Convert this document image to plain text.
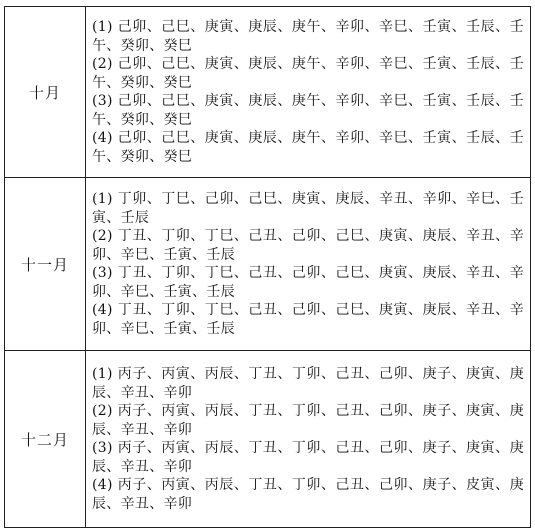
十月	(1) 己卯、己巳、庚寅、庚辰、庚午、辛卯、辛巳、壬寅、壬辰、壬午、癸卯、癸巳
(2) 己卯、己巳、庚寅、庚辰、庚午、辛卯、辛巳、壬寅、壬辰、壬午、癸卯、癸巳
(3) 己卯、己巳、庚寅、庚辰、庚午、辛卯、辛巳、壬寅、壬辰、壬午、癸卯、癸巳
(4) 己卯、己巳、庚寅、庚辰、庚午、辛卯、辛巳、壬寅、壬辰、壬午、癸卯、癸巳

十一月	(1) 丁卯、丁巳、己卯、己巳、庚寅、庚辰、辛丑、辛卯、辛巳、壬寅、壬辰
(2) 丁丑、丁卯、丁巳、己丑、己卯、己巳、庚寅、庚辰、辛丑、辛卯、辛巳、壬寅、壬辰
(3) 丁丑、丁卯、丁巳、己丑、己卯、己巳、庚寅、庚辰、辛丑、辛卯、辛巳、壬寅、壬辰
(4) 丁丑、丁卯、丁巳、己丑、己卯、己巳、庚寅、庚辰、辛丑、辛卯、辛巳、壬寅、壬辰

十二月	(1) 丙子、丙寅、丙辰、丁丑、丁卯、己丑、己卯、庚子、庚寅、庚辰、辛丑、辛卯
(2) 丙子、丙寅、丙辰、丁丑、丁卯、己丑、己卯、庚子、庚寅、庚辰、辛丑、辛卯
(3) 丙子、丙寅、丙辰、丁丑、丁卯、己丑、己卯、庚子、庚寅、庚辰、辛丑、辛卯
(4) 丙子、丙寅、丙辰、丁丑、丁卯、己丑、己卯、庚子、皮寅、庚辰、辛丑、辛卯
